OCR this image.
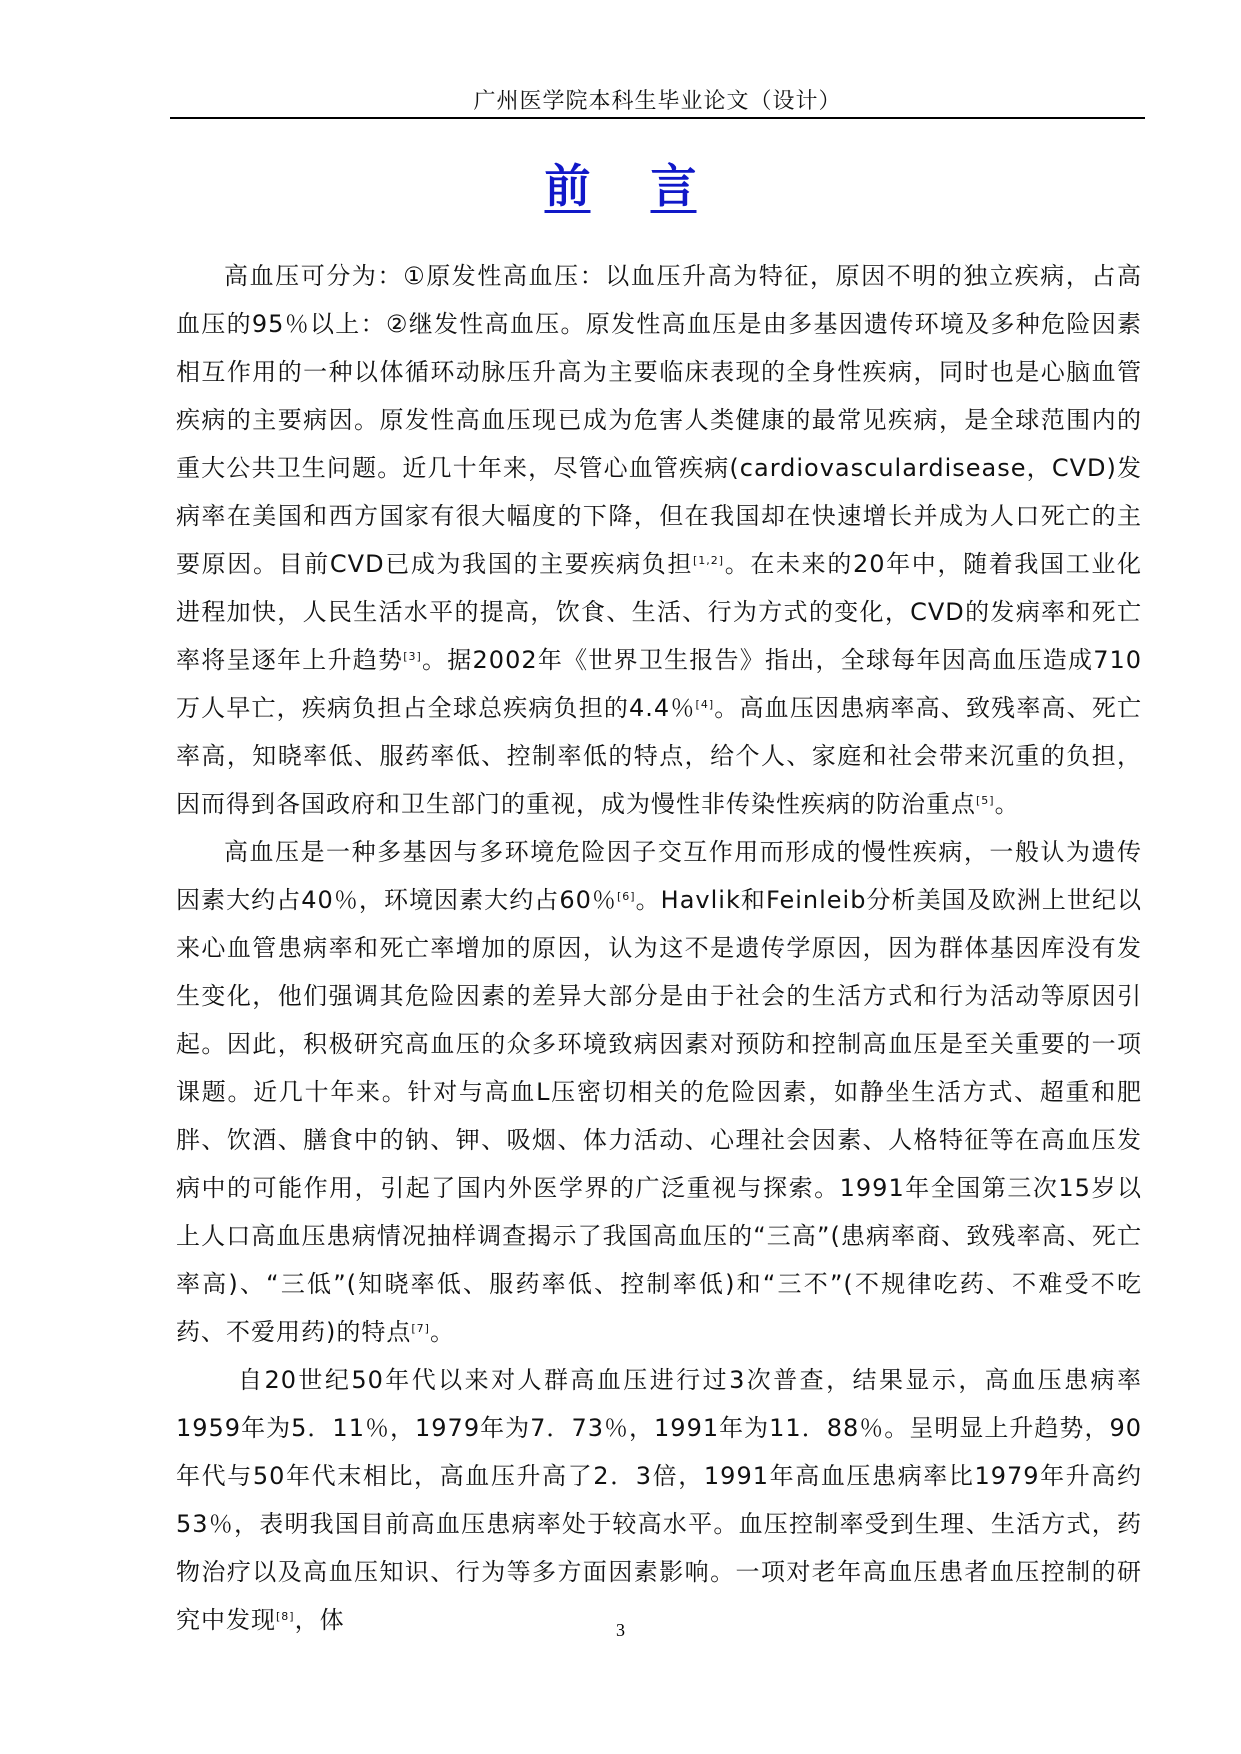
广州医学院本科生毕业论文（设计）
前 言

高血压可分为：①原发性高血压：以血压升高为特征，原因不明的独立疾病，占高血压的95％以上：②继发性高血压。原发性高血压是由多基因遗传环境及多种危险因素相互作用的一种以体循环动脉压升高为主要临床表现的全身性疾病，同时也是心脑血管疾病的主要病因。原发性高血压现已成为危害人类健康的最常见疾病，是全球范围内的重大公共卫生问题。近几十年来，尽管心血管疾病(cardiovasculardisease，CVD)发病率在美国和西方国家有很大幅度的下降，但在我国却在快速增长并成为人口死亡的主要原因。目前CVD已成为我国的主要疾病负担[1,2]。在未来的20年中，随着我国工业化进程加快，人民生活水平的提高，饮食、生活、行为方式的变化，CVD的发病率和死亡率将呈逐年上升趋势[3]。据2002年《世界卫生报告》指出，全球每年因高血压造成710万人早亡，疾病负担占全球总疾病负担的4.4％[4]。高血压因患病率高、致残率高、死亡率高，知晓率低、服药率低、控制率低的特点，给个人、家庭和社会带来沉重的负担，因而得到各国政府和卫生部门的重视，成为慢性非传染性疾病的防治重点[5]。

高血压是一种多基因与多环境危险因子交互作用而形成的慢性疾病，一般认为遗传因素大约占40％，环境因素大约占60％[6]。Havlik和Feinleib分析美国及欧洲上世纪以来心血管患病率和死亡率增加的原因，认为这不是遗传学原因，因为群体基因库没有发生变化，他们强调其危险因素的差异大部分是由于社会的生活方式和行为活动等原因引起。因此，积极研究高血压的众多环境致病因素对预防和控制高血压是至关重要的一项课题。近几十年来。针对与高血L压密切相关的危险因素，如静坐生活方式、超重和肥胖、饮酒、膳食中的钠、钾、吸烟、体力活动、心理社会因素、人格特征等在高血压发病中的可能作用，引起了国内外医学界的广泛重视与探索。1991年全国第三次15岁以上人口高血压患病情况抽样调查揭示了我国高血压的“三高”(患病率商、致残率高、死亡率高)、“三低”(知晓率低、服药率低、控制率低)和“三不”(不规律吃药、不难受不吃药、不爱用药)的特点[7]。

自20世纪50年代以来对人群高血压进行过3次普查，结果显示，高血压患病率1959年为5．11％，1979年为7．73％，1991年为11．88％。呈明显上升趋势，90年代与50年代末相比，高血压升高了2．3倍，1991年高血压患病率比1979年升高约53％，表明我国目前高血压患病率处于较高水平。血压控制率受到生理、生活方式，药物治疗以及高血压知识、行为等多方面因素影响。一项对老年高血压患者血压控制的研究中发现[8]，体	3
